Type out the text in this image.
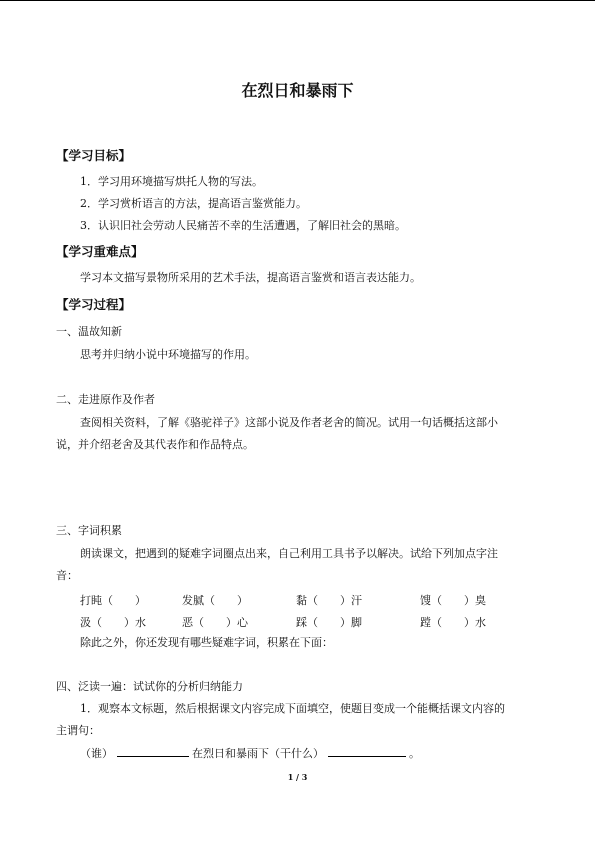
在烈日和暴雨下
【学习目标】
1．学习用环境描写烘托人物的写法。
2．学习赏析语言的方法，提高语言鉴赏能力。
3．认识旧社会劳动人民痛苦不幸的生活遭遇，了解旧社会的黑暗。
【学习重难点】
学习本文描写景物所采用的艺术手法，提高语言鉴赏和语言表达能力。
【学习过程】
一、温故知新
思考并归纳小说中环境描写的作用。
二、走进原作及作者
查阅相关资料，了解《骆驼祥子》这部小说及作者老舍的简况。试用一句话概括这部小
说，并介绍老舍及其代表作和作品特点。
三、字词积累
朗读课文，把遇到的疑难字词圈点出来，自己利用工具书予以解决。试给下列加点字注
音：
打盹（　　）	发腻（　　）	黏（　　）汗	馊（　　）臭
汲（　　）水	恶（　　）心	踩（　　）脚	蹚（　　）水
除此之外，你还发现有哪些疑难字词，积累在下面：
四、泛读一遍：试试你的分析归纳能力
1．观察本文标题，然后根据课文内容完成下面填空，使题目变成一个能概括课文内容的
主谓句：
（谁）	在烈日和暴雨下（干什么）	。
1 / 3
